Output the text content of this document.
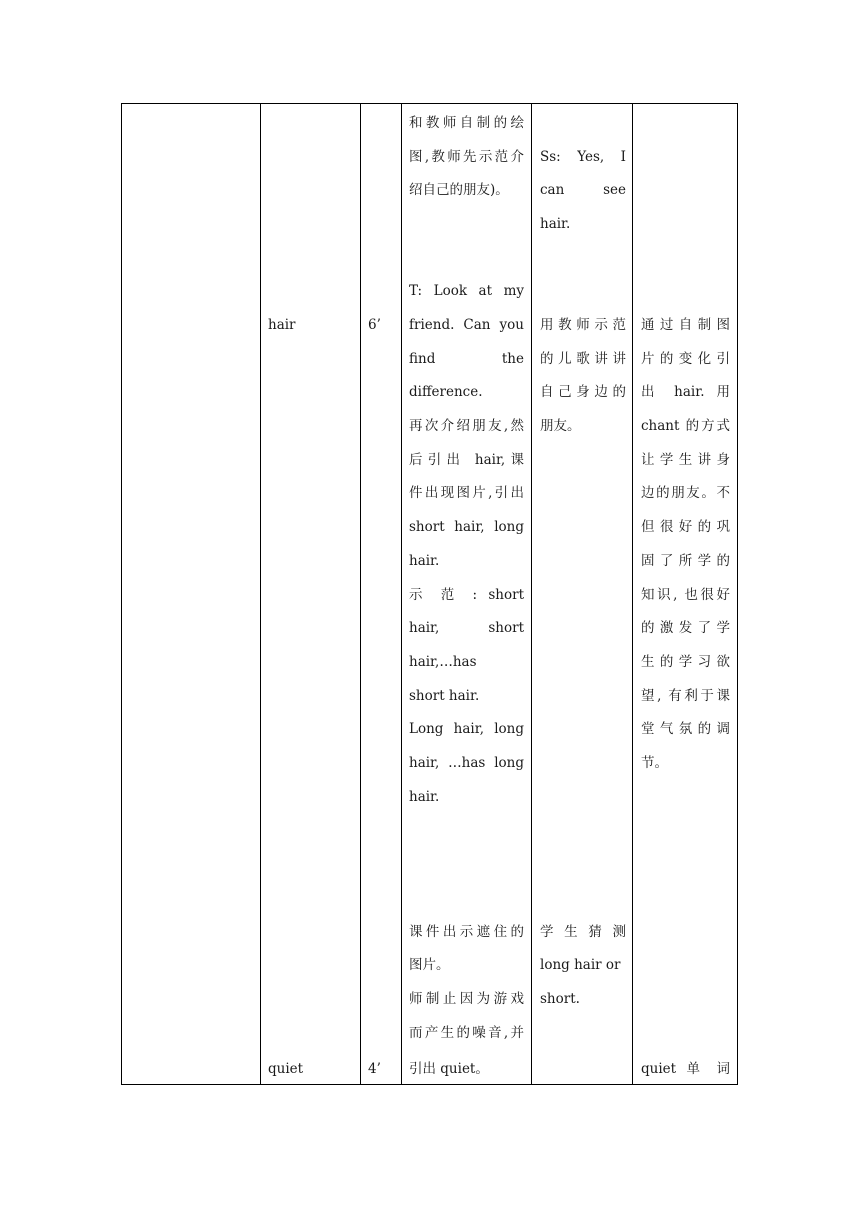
hair
quiet
6’
4’
和教师自制的绘
图,教师先示范介
绍自己的朋友)。
T: Look at my
friend. Can you
find the
difference.
再次介绍朋友,然
后引出 hair,课
件出现图片,引出
short hair, long
hair.
示 范 : short
hair, short
hair,…has
short hair.
Long hair, long
hair, …has long
hair.
课件出示遮住的
图片。
师制止因为游戏
而产生的噪音,并
引出 quiet。
Ss: Yes, I
can see
hair.
用教师示范
的儿歌讲讲
自己身边的
朋友。
学 生 猜 测
long hair or
short.
通过自制图
片的变化引
出 hair. 用
chant 的方式
让学生讲身
边的朋友。不
但很好的巩
固了所学的
知识, 也很好
的激发了学
生的学习欲
望, 有利于课
堂气氛的调
节。
quiet 单 词
